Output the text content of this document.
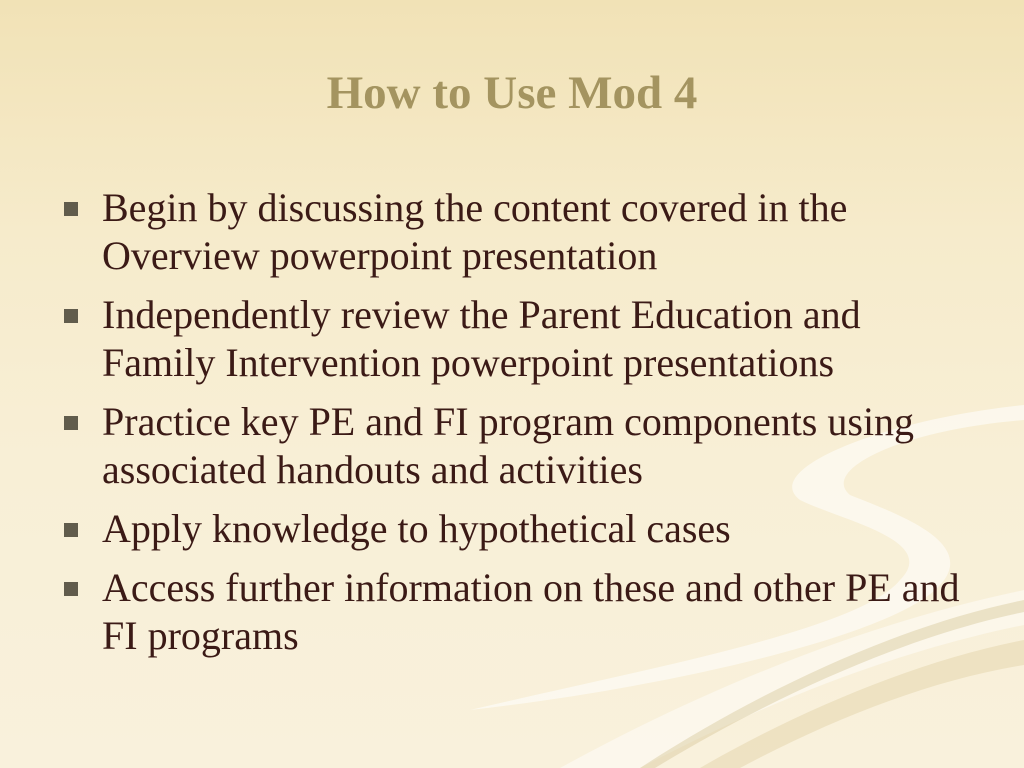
How to Use Mod 4
Begin by discussing the content covered in the Overview powerpoint presentation
Independently review the Parent Education and Family Intervention powerpoint presentations
Practice key PE and FI program components using associated handouts and activities
Apply knowledge to hypothetical cases
Access further information on these and other PE and FI programs
